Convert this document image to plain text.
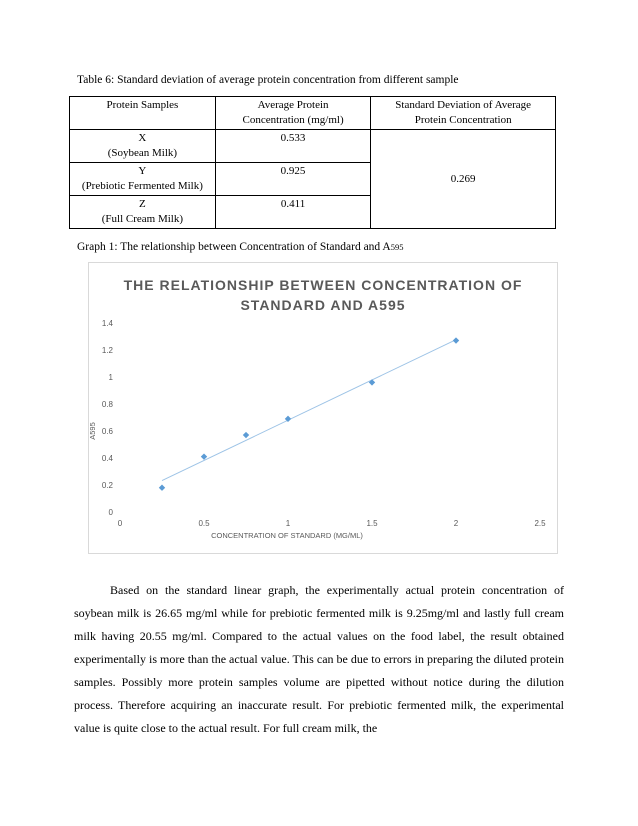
Table 6: Standard deviation of average protein concentration from different sample
Protein Samples	Average Protein Concentration (mg/ml)	Standard Deviation of Average Protein Concentration

X
(Soybean Milk)	0.533	0.269

Y
(Prebiotic Fermented Milk)	0.925	

Z
(Full Cream Milk)	0.411	
Graph 1: The relationship between Concentration of Standard and A595
THE RELATIONSHIP BETWEEN CONCENTRATION OF
STANDARD AND A595
A595
CONCENTRATION OF STANDARD (MG/ML)
0
0.2
0.4
0.6
0.8
1
1.2
1.4
0	0.5	1	1.5	2	2.5
Based on the standard linear graph, the experimentally actual protein concentration of soybean milk is 26.65 mg/ml while for prebiotic fermented milk is 9.25mg/ml and lastly full cream milk having 20.55 mg/ml. Compared to the actual values on the food label, the result obtained experimentally is more than the actual value. This can be due to errors in preparing the diluted protein samples. Possibly more protein samples volume are pipetted without notice during the dilution process. Therefore acquiring an inaccurate result. For prebiotic fermented milk, the experimental value is quite close to the actual result. For full cream milk, the
